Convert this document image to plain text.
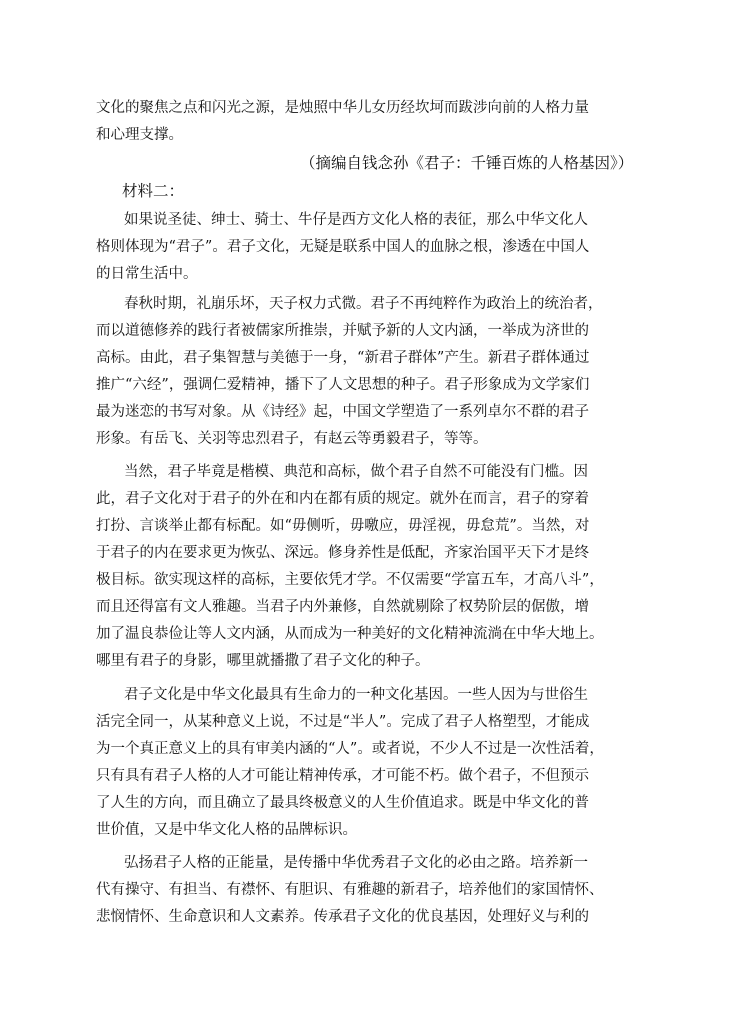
文化的聚焦之点和闪光之源，是烛照中华儿女历经坎坷而跋涉向前的人格力量
和心理支撑。
（摘编自钱念孙《君子：千锤百炼的人格基因》）
材料二：
如果说圣徒、绅士、骑士、牛仔是西方文化人格的表征，那么中华文化人
格则体现为“君子”。君子文化，无疑是联系中国人的血脉之根，渗透在中国人
的日常生活中。
春秋时期，礼崩乐坏，天子权力式微。君子不再纯粹作为政治上的统治者，
而以道德修养的践行者被儒家所推崇，并赋予新的人文内涵，一举成为济世的
高标。由此，君子集智慧与美德于一身，“新君子群体”产生。新君子群体通过
推广“六经”，强调仁爱精神，播下了人文思想的种子。君子形象成为文学家们
最为迷恋的书写对象。从《诗经》起，中国文学塑造了一系列卓尔不群的君子
形象。有岳飞、关羽等忠烈君子，有赵云等勇毅君子，等等。
当然，君子毕竟是楷模、典范和高标，做个君子自然不可能没有门槛。因
此，君子文化对于君子的外在和内在都有质的规定。就外在而言，君子的穿着
打扮、言谈举止都有标配。如“毋侧听，毋噭应，毋淫视，毋怠荒”。当然，对
于君子的内在要求更为恢弘、深远。修身养性是低配，齐家治国平天下才是终
极目标。欲实现这样的高标，主要依凭才学。不仅需要“学富五车，才高八斗”，
而且还得富有文人雅趣。当君子内外兼修，自然就剔除了权势阶层的倨傲，增
加了温良恭俭让等人文内涵，从而成为一种美好的文化精神流淌在中华大地上。
哪里有君子的身影，哪里就播撒了君子文化的种子。
君子文化是中华文化最具有生命力的一种文化基因。一些人因为与世俗生
活完全同一，从某种意义上说，不过是“半人”。完成了君子人格塑型，才能成
为一个真正意义上的具有审美内涵的“人”。或者说，不少人不过是一次性活着，
只有具有君子人格的人才可能让精神传承，才可能不朽。做个君子，不但预示
了人生的方向，而且确立了最具终极意义的人生价值追求。既是中华文化的普
世价值，又是中华文化人格的品牌标识。
弘扬君子人格的正能量，是传播中华优秀君子文化的必由之路。培养新一
代有操守、有担当、有襟怀、有胆识、有雅趣的新君子，培养他们的家国情怀、
悲悯情怀、生命意识和人文素养。传承君子文化的优良基因，处理好义与利的
